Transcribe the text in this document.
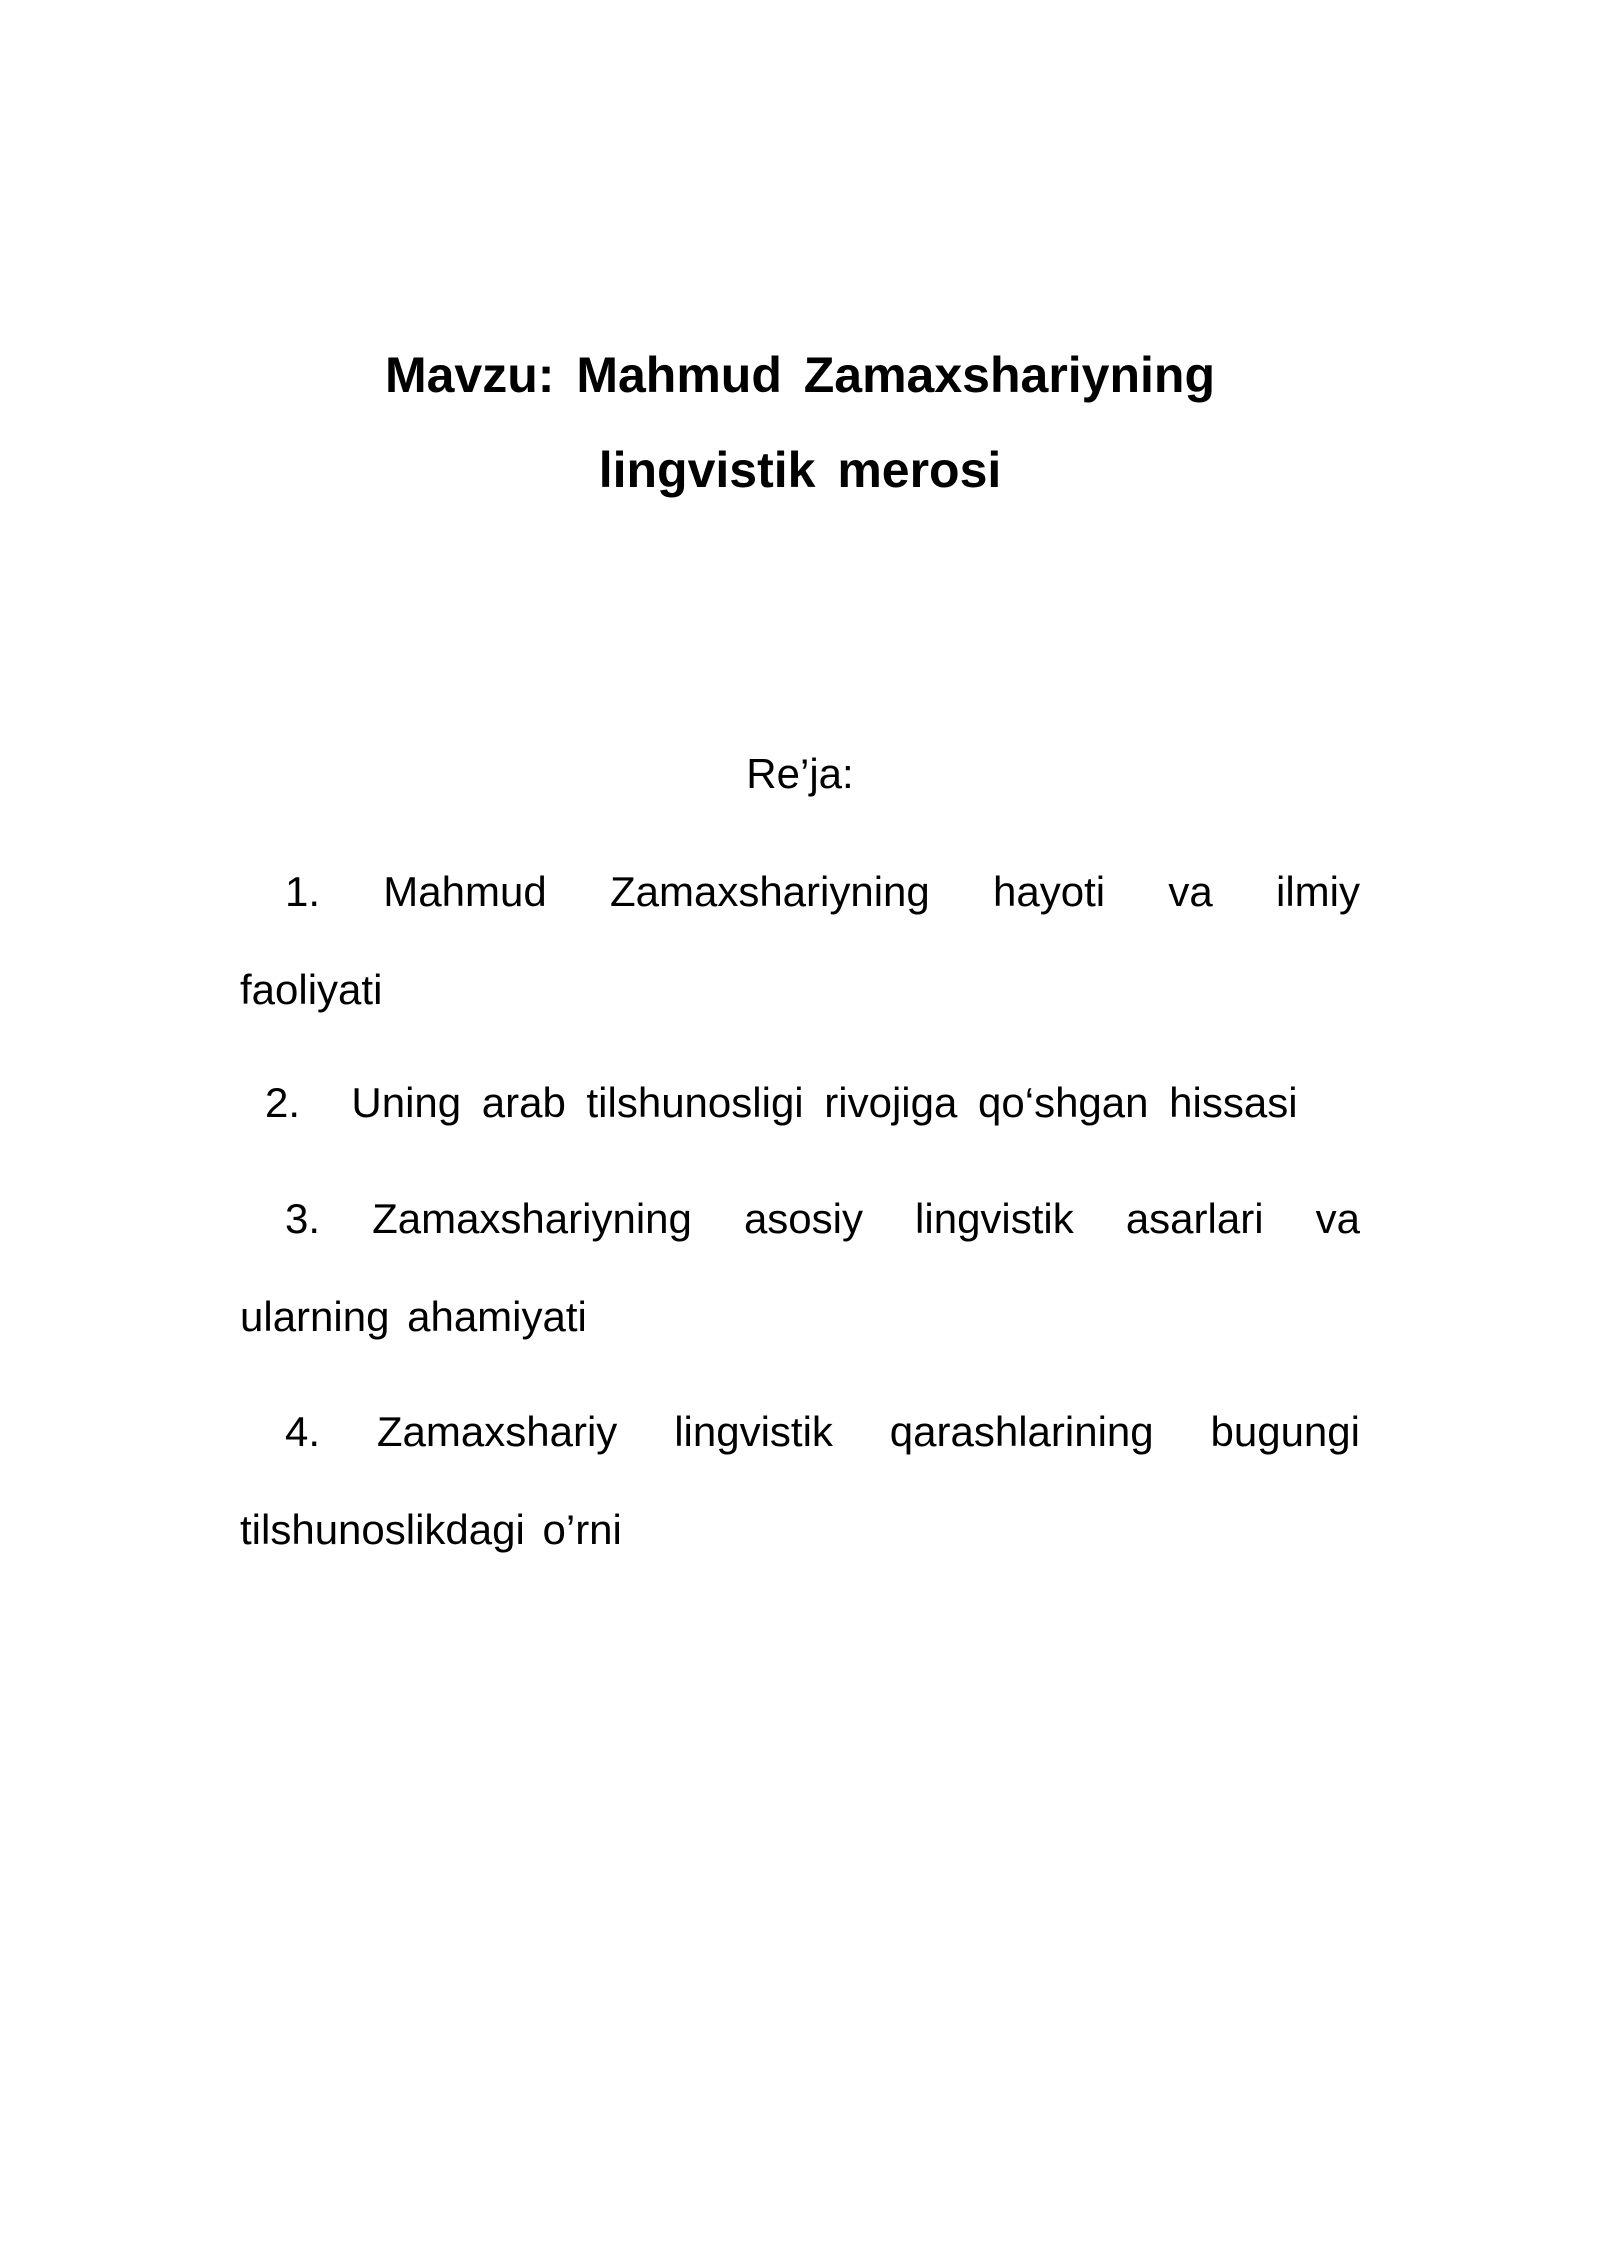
Mavzu: Mahmud Zamaxshariyning
lingvistik merosi
Re’ja:
1. Mahmud Zamaxshariyning hayoti va ilmiy
faoliyati
2. Uning arab tilshunosligi rivojiga qo‘shgan hissasi
3. Zamaxshariyning asosiy lingvistik asarlari va
ularning ahamiyati
4. Zamaxshariy lingvistik qarashlarining bugungi
tilshunoslikdagi o’rni
